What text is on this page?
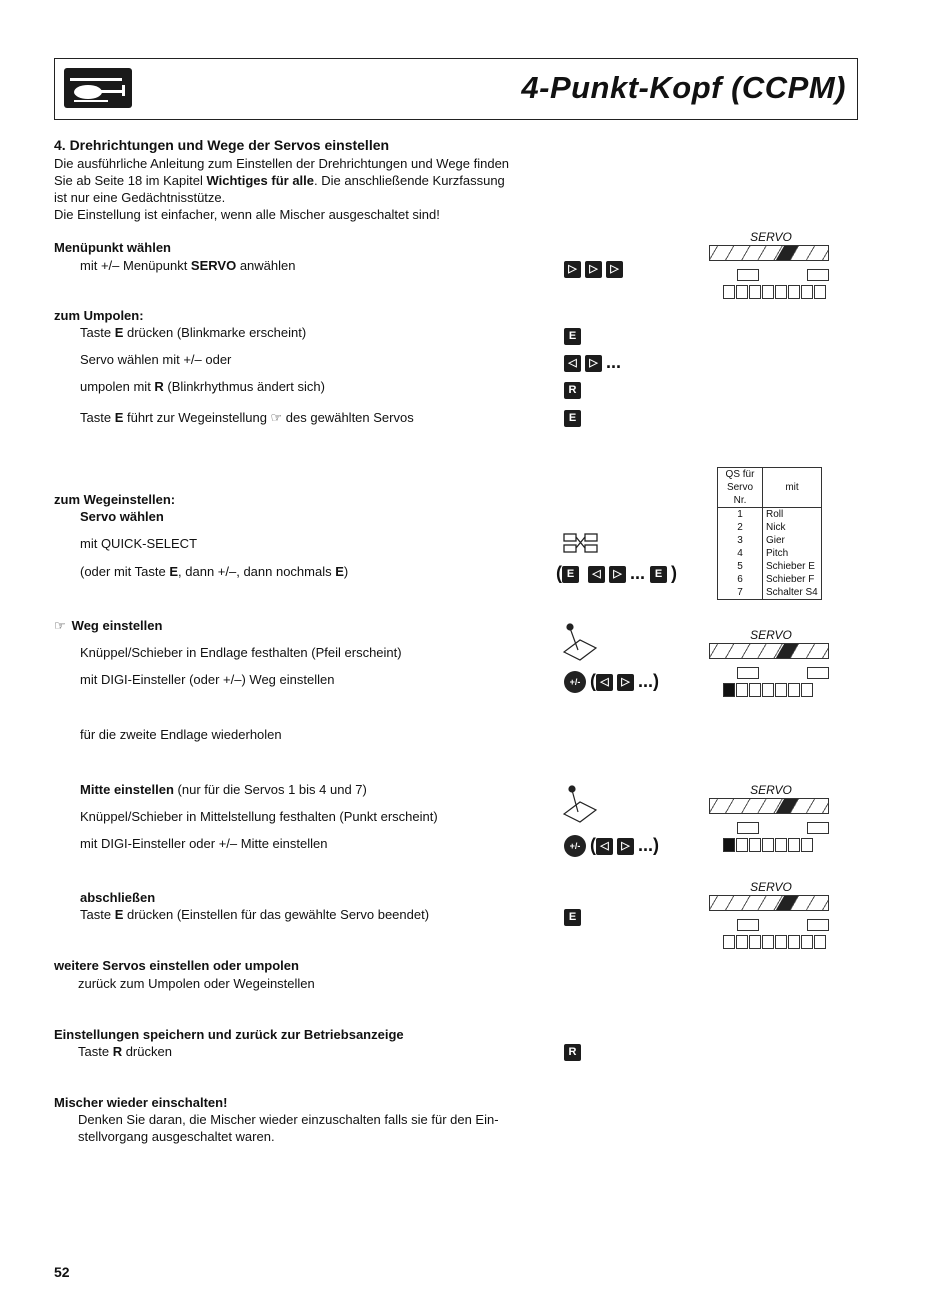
4-Punkt-Kopf (CCPM)
4. Drehrichtungen und Wege der Servos einstellen
Die ausführliche Anleitung zum Einstellen der Drehrichtungen und Wege finden
Sie ab Seite 18 im Kapitel Wichtiges für alle. Die anschließende Kurzfassung
ist nur eine Gedächtnisstütze.
Die Einstellung ist einfacher, wenn alle Mischer ausgeschaltet sind!
Menüpunkt wählen
mit +/– Menüpunkt SERVO anwählen	▷ ▷ ▷
SERVO
zum Umpolen:
Taste E drücken (Blinkmarke erscheint)
Servo wählen mit +/– oder
umpolen mit R (Blinkrhythmus ändert sich)
Taste E führt zur Wegeinstellung ☞ des gewählten Servos
E
◁ ▷ ...
R
E
QS für Servo Nr.	mit
1	Roll
2	Nick
3	Gier
4	Pitch
5	Schieber E
6	Schieber F
7	Schalter S4
zum Wegeinstellen:
Servo wählen
mit QUICK-SELECT
(oder mit Taste E, dann +/–, dann nochmals E)	( E ◁ ▷ ... E )
☞ Weg einstellen
Knüppel/Schieber in Endlage festhalten (Pfeil erscheint)
mit DIGI-Einsteller (oder +/–) Weg einstellen
für die zweite Endlage wiederholen
+/- ( ◁ ▷ ...)
SERVO
Mitte einstellen (nur für die Servos 1 bis 4 und 7)
Knüppel/Schieber in Mittelstellung festhalten (Punkt erscheint)
mit DIGI-Einsteller oder +/– Mitte einstellen	+/- ( ◁ ▷ ...)
SERVO
abschließen
Taste E drücken (Einstellen für das gewählte Servo beendet)	E
SERVO
weitere Servos einstellen oder umpolen
zurück zum Umpolen oder Wegeinstellen
Einstellungen speichern und zurück zur Betriebsanzeige
Taste R drücken	R
Mischer wieder einschalten!
Denken Sie daran, die Mischer wieder einzuschalten falls sie für den Ein-
stellvorgang ausgeschaltet waren.
52
